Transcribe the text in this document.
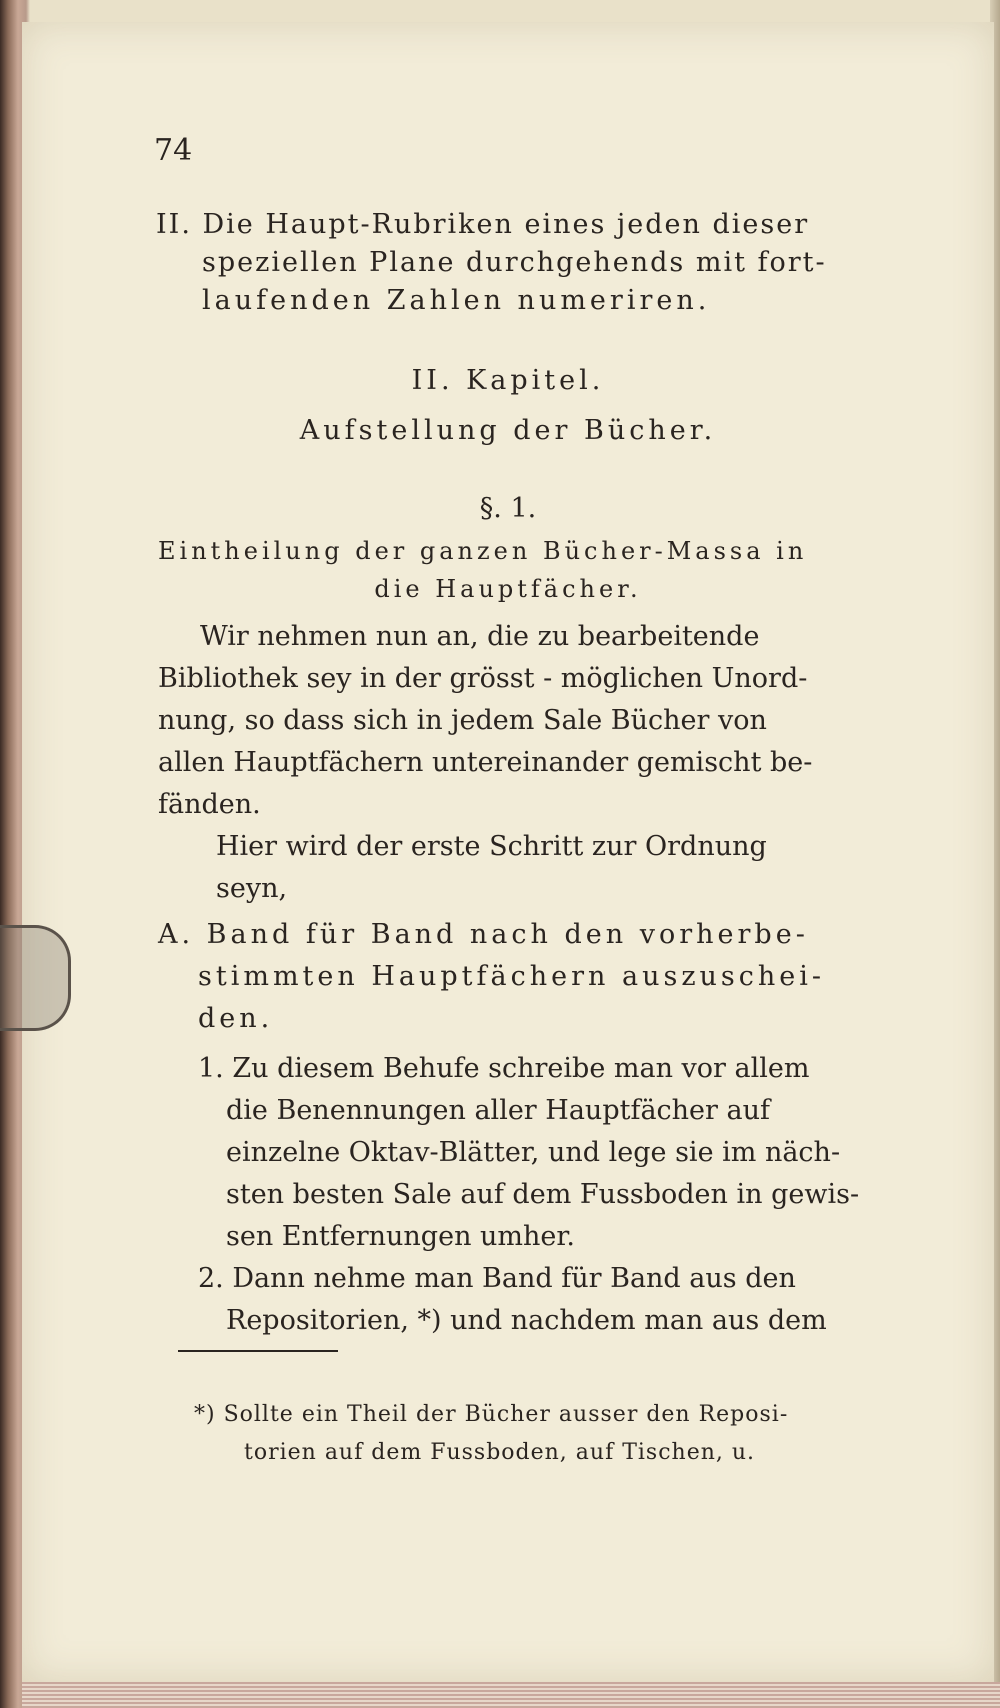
74
II. Die Haupt-Rubriken eines jeden dieser
speziellen Plane durchgehends mit fort-
laufenden Zahlen numeriren.
II. Kapitel.
Aufstellung der Bücher.
§. 1.
Eintheilung der ganzen Bücher-Massa in
die Hauptfächer.
Wir nehmen nun an, die zu bearbeitende
Bibliothek sey in der grösst - möglichen Unord-
nung, so dass sich in jedem Sale Bücher von
allen Hauptfächern untereinander gemischt be-
fänden.
Hier wird der erste Schritt zur Ordnung
seyn,
A. Band für Band nach den vorherbe-
stimmten Hauptfächern auszuschei-
den.
1. Zu diesem Behufe schreibe man vor allem
die Benennungen aller Hauptfächer auf
einzelne Oktav-Blätter, und lege sie im näch-
sten besten Sale auf dem Fussboden in gewis-
sen Entfernungen umher.
2. Dann nehme man Band für Band aus den
Repositorien, *) und nachdem man aus dem
*) Sollte ein Theil der Bücher ausser den Reposi-
torien auf dem Fussboden, auf Tischen, u.
